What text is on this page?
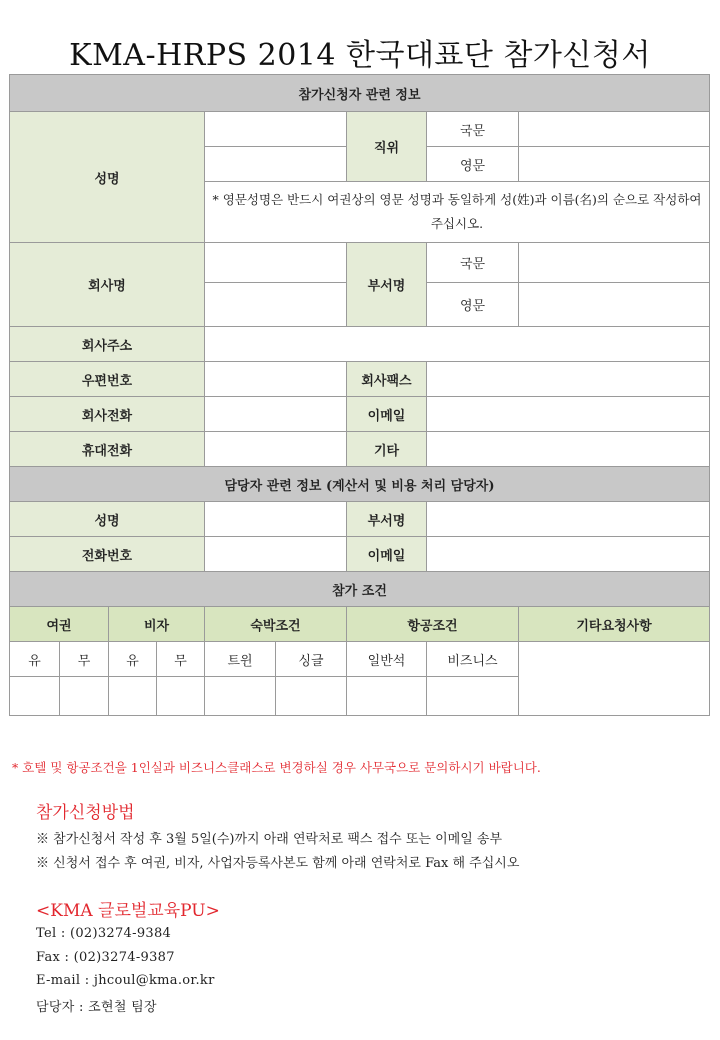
KMA-HRPS 2014 한국대표단 참가신청서
참가신청자 관련 정보								
성명						직위	국문	
							영문	
				* 영문성명은 반드시 여권상의 영문 성명과 동일하게 성(姓)과 이름(名)의 순으로 작성하여 주십시오.				
회사명						부서명	국문	
							영문	
회사주소								
우편번호						회사팩스		
회사전화						이메일		
휴대전화						기타		
담당자 관련 정보 (계산서 및 비용 처리 담당자)								
성명						부서명		
전화번호						이메일		
참가 조건								
여권		비자		숙박조건		항공조건		기타요청사항
유	무	유	무	트윈	싱글	일반석	비즈니스	

* 호텔 및 항공조건을 1인실과 비즈니스클래스로 변경하실 경우 사무국으로 문의하시기 바랍니다.
참가신청방법
※ 참가신청서 작성 후 3월 5일(수)까지 아래 연락처로 팩스 접수 또는 이메일 송부
※ 신청서 접수 후 여권, 비자, 사업자등록사본도 함께 아래 연락처로 Fax 해 주십시오
<KMA 글로벌교육PU>
Tel : (02)3274-9384
Fax : (02)3274-9387
E-mail : jhcoul@kma.or.kr
담당자 : 조현철 팀장
